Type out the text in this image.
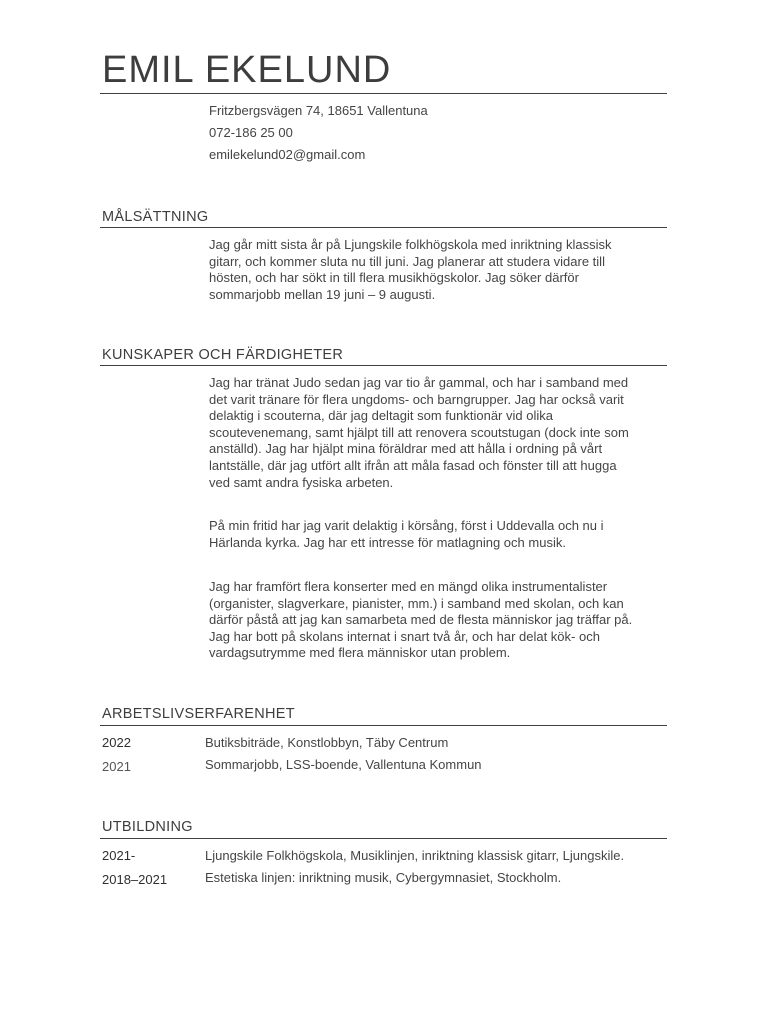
EMIL EKELUND
Fritzbergsvägen 74, 18651 Vallentuna
072-186 25 00
emilekelund02@gmail.com
MÅLSÄTTNING

Jag går mitt sista år på Ljungskile folkhögskola med inriktning klassisk gitarr, och kommer sluta nu till juni. Jag planerar att studera vidare till hösten, och har sökt in till flera musikhögskolor. Jag söker därför sommarjobb mellan 19 juni – 9 augusti.

KUNSKAPER OCH FÄRDIGHETER

Jag har tränat Judo sedan jag var tio år gammal, och har i samband med det varit tränare för flera ungdoms- och barngrupper. Jag har också varit delaktig i scouterna, där jag deltagit som funktionär vid olika scoutevenemang, samt hjälpt till att renovera scoutstugan (dock inte som anställd). Jag har hjälpt mina föräldrar med att hålla i ordning på vårt lantställe, där jag utfört allt ifrån att måla fasad och fönster till att hugga ved samt andra fysiska arbeten.

På min fritid har jag varit delaktig i körsång, först i Uddevalla och nu i Härlanda kyrka. Jag har ett intresse för matlagning och musik.

Jag har framfört flera konserter med en mängd olika instrumentalister (organister, slagverkare, pianister, mm.) i samband med skolan, och kan därför påstå att jag kan samarbeta med de flesta människor jag träffar på. Jag har bott på skolans internat i snart två år, och har delat kök- och vardagsutrymme med flera människor utan problem.

ARBETSLIVSERFARENHET
2022	Butiksbiträde, Konstlobbyn, Täby Centrum
2021	Sommarjobb, LSS-boende, Vallentuna Kommun
UTBILDNING
2021-	Ljungskile Folkhögskola, Musiklinjen, inriktning klassisk gitarr, Ljungskile.
2018–2021	Estetiska linjen: inriktning musik, Cybergymnasiet, Stockholm.
